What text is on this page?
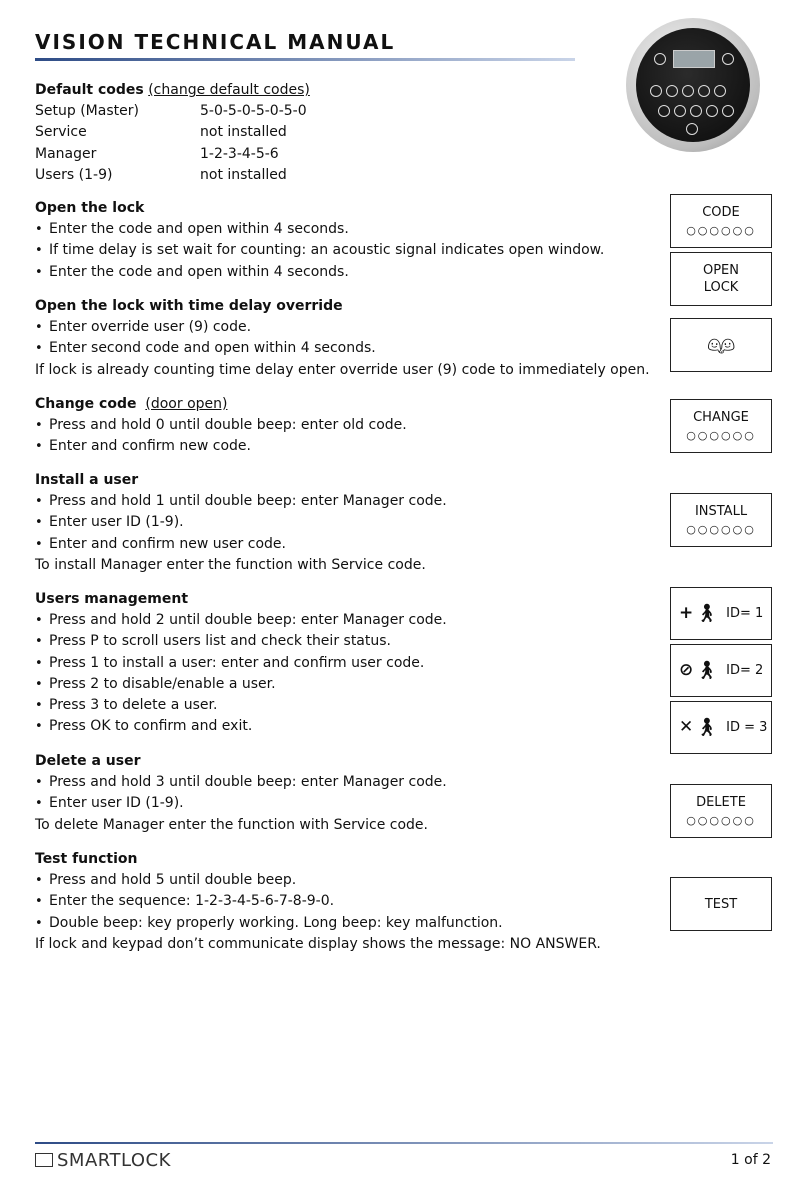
VISION TECHNICAL MANUAL
Default codes (change default codes)
Setup (Master)	5-0-5-0-5-0-5-0
Service	not installed
Manager	1-2-3-4-5-6
Users (1-9)	not installed
Open the lock
• Enter the code and open within 4 seconds.
• If time delay is set wait for counting: an acoustic signal indicates open window.
• Enter the code and open within 4 seconds.
Open the lock with time delay override
• Enter override user (9) code.
• Enter second code and open within 4 seconds.
If lock is already counting time delay enter override user (9) code to immediately open.
Change code (door open)
• Press and hold 0 until double beep: enter old code.
• Enter and confirm new code.
Install a user
• Press and hold 1 until double beep: enter Manager code.
• Enter user ID (1-9).
• Enter and confirm new user code.
To install Manager enter the function with Service code.
Users management
• Press and hold 2 until double beep: enter Manager code.
• Press P to scroll users list and check their status.
• Press 1 to install a user: enter and confirm user code.
• Press 2 to disable/enable a user.
• Press 3 to delete a user.
• Press OK to confirm and exit.
Delete a user
• Press and hold 3 until double beep: enter Manager code.
• Enter user ID (1-9).
To delete Manager enter the function with Service code.
Test function
• Press and hold 5 until double beep.
• Enter the sequence: 1-2-3-4-5-6-7-8-9-0.
• Double beep: key properly working. Long beep: key malfunction.
If lock and keypad don’t communicate display shows the message: NO ANSWER.
CODE
○○○○○○
OPEN
LOCK
👬︎
CHANGE
○○○○○○
INSTALL
○○○○○○
+ 🚶︎ ID= 1
⊘ 🚶︎ ID= 2
✕ 🚶︎ ID = 3
DELETE
○○○○○○
TEST
SMARTLOCK	1 of 2
